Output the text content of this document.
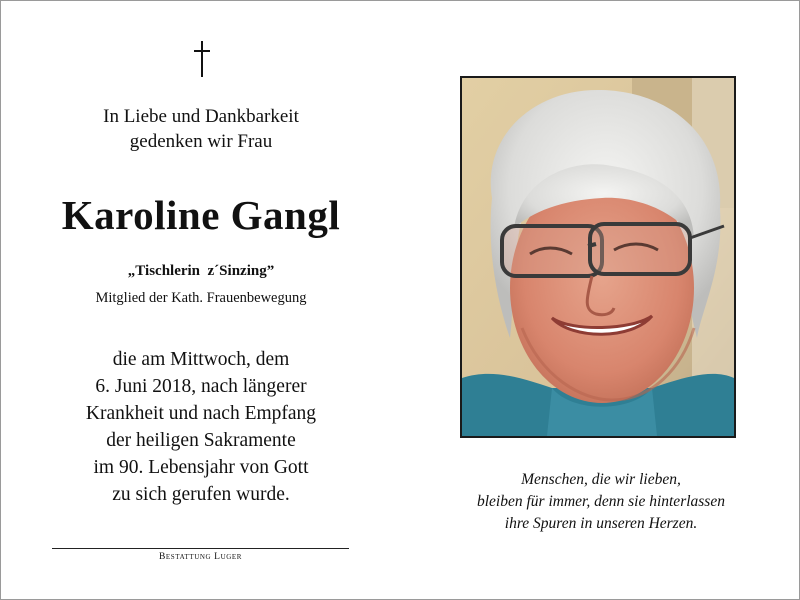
In Liebe und Dankbarkeit
gedenken wir Frau
Karoline Gangl
„Tischlerin  z´Sinzing”
Mitglied der Kath. Frauenbewegung
die am Mittwoch, dem
6. Juni 2018, nach längerer
Krankheit und nach Empfang
der heiligen Sakramente
im 90. Lebensjahr von Gott
zu sich gerufen wurde.
Bestattung Luger
Menschen, die wir lieben,
bleiben für immer, denn sie hinterlassen
ihre Spuren in unseren Herzen.
